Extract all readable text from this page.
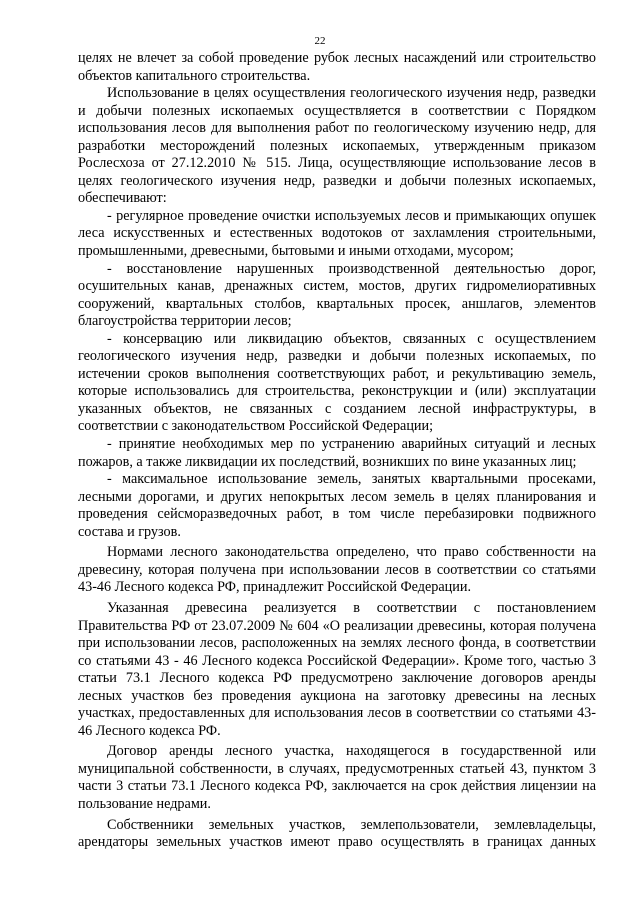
22

целях не влечет за собой проведение рубок лесных насаждений или строительство объектов капитального строительства.

Использование в целях осуществления геологического изучения недр, разведки и добычи полезных ископаемых осуществляется в соответствии с Порядком использования лесов для выполнения работ по геологическому изучению недр, для разработки месторождений полезных ископаемых, утвержденным приказом Рослесхоза от 27.12.2010 № 515. Лица, осуществляющие использование лесов в целях геологического изучения недр, разведки и добычи полезных ископаемых, обеспечивают:

- регулярное проведение очистки используемых лесов и примыкающих опушек леса искусственных и естественных водотоков от захламления строительными, промышленными, древесными, бытовыми и иными отходами, мусором;

- восстановление нарушенных производственной деятельностью дорог, осушительных канав, дренажных систем, мостов, других гидромелиоративных сооружений, квартальных столбов, квартальных просек, аншлагов, элементов благоустройства территории лесов;

- консервацию или ликвидацию объектов, связанных с осуществлением геологического изучения недр, разведки и добычи полезных ископаемых, по истечении сроков выполнения соответствующих работ, и рекультивацию земель, которые использовались для строительства, реконструкции и (или) эксплуатации указанных объектов, не связанных с созданием лесной инфраструктуры, в соответствии с законодательством Российской Федерации;

- принятие необходимых мер по устранению аварийных ситуаций и лесных пожаров, а также ликвидации их последствий, возникших по вине указанных лиц;

- максимальное использование земель, занятых квартальными просеками, лесными дорогами, и других непокрытых лесом земель в целях планирования и проведения сейсморазведочных работ, в том числе перебазировки подвижного состава и грузов.

Нормами лесного законодательства определено, что право собственности на древесину, которая получена при использовании лесов в соответствии со статьями 43-46 Лесного кодекса РФ, принадлежит Российской Федерации.

Указанная древесина реализуется в соответствии с постановлением Правительства РФ от 23.07.2009 № 604 «О реализации древесины, которая получена при использовании лесов, расположенных на землях лесного фонда, в соответствии со статьями 43 - 46 Лесного кодекса Российской Федерации». Кроме того, частью 3 статьи 73.1 Лесного кодекса РФ предусмотрено заключение договоров аренды лесных участков без проведения аукциона на заготовку древесины на лесных участках, предоставленных для использования лесов в соответствии со статьями 43-46 Лесного кодекса РФ.

Договор аренды лесного участка, находящегося в государственной или муниципальной собственности, в случаях, предусмотренных статьей 43, пунктом 3 части 3 статьи 73.1 Лесного кодекса РФ, заключается на срок действия лицензии на пользование недрами.

Собственники земельных участков, землепользователи, землевладельцы, арендаторы земельных участков имеют право осуществлять в границах данных
